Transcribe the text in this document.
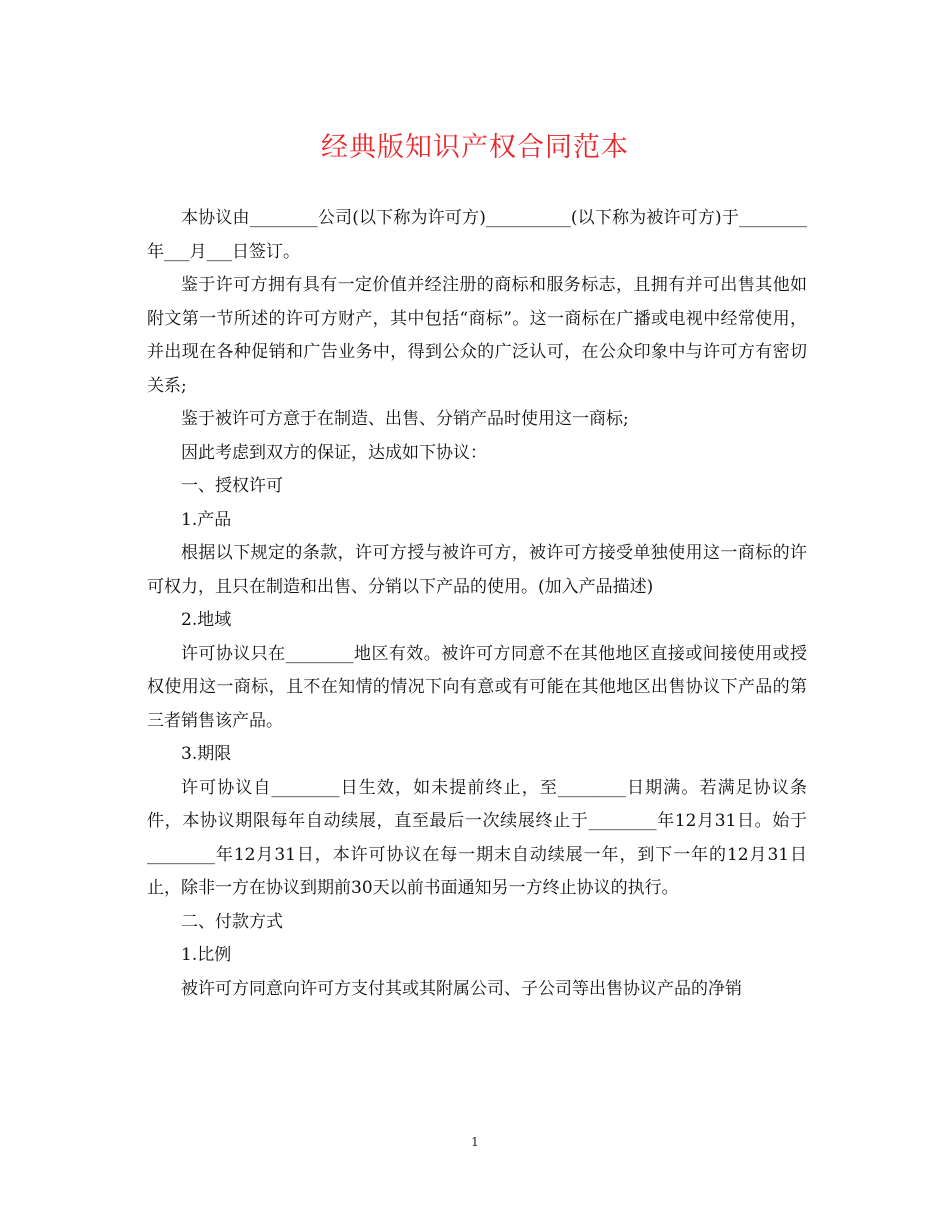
经典版知识产权合同范本

本协议由________公司(以下称为许可方)__________(以下称为被许可方)于________年___月___日签订。

鉴于许可方拥有具有一定价值并经注册的商标和服务标志，且拥有并可出售其他如附文第一节所述的许可方财产，其中包括“商标”。这一商标在广播或电视中经常使用，并出现在各种促销和广告业务中，得到公众的广泛认可，在公众印象中与许可方有密切关系;

鉴于被许可方意于在制造、出售、分销产品时使用这一商标;

因此考虑到双方的保证，达成如下协议：

一、授权许可

1.产品

根据以下规定的条款，许可方授与被许可方，被许可方接受单独使用这一商标的许可权力，且只在制造和出售、分销以下产品的使用。(加入产品描述)

2.地域

许可协议只在________地区有效。被许可方同意不在其他地区直接或间接使用或授权使用这一商标，且不在知情的情况下向有意或有可能在其他地区出售协议下产品的第三者销售该产品。

3.期限

许可协议自________日生效，如未提前终止，至________日期满。若满足协议条件，本协议期限每年自动续展，直至最后一次续展终止于________年12月31日。始于________年12月31日，本许可协议在每一期末自动续展一年，到下一年的12月31日止，除非一方在协议到期前30天以前书面通知另一方终止协议的执行。

二、付款方式

1.比例

被许可方同意向许可方支付其或其附属公司、子公司等出售协议产品的净销

1
